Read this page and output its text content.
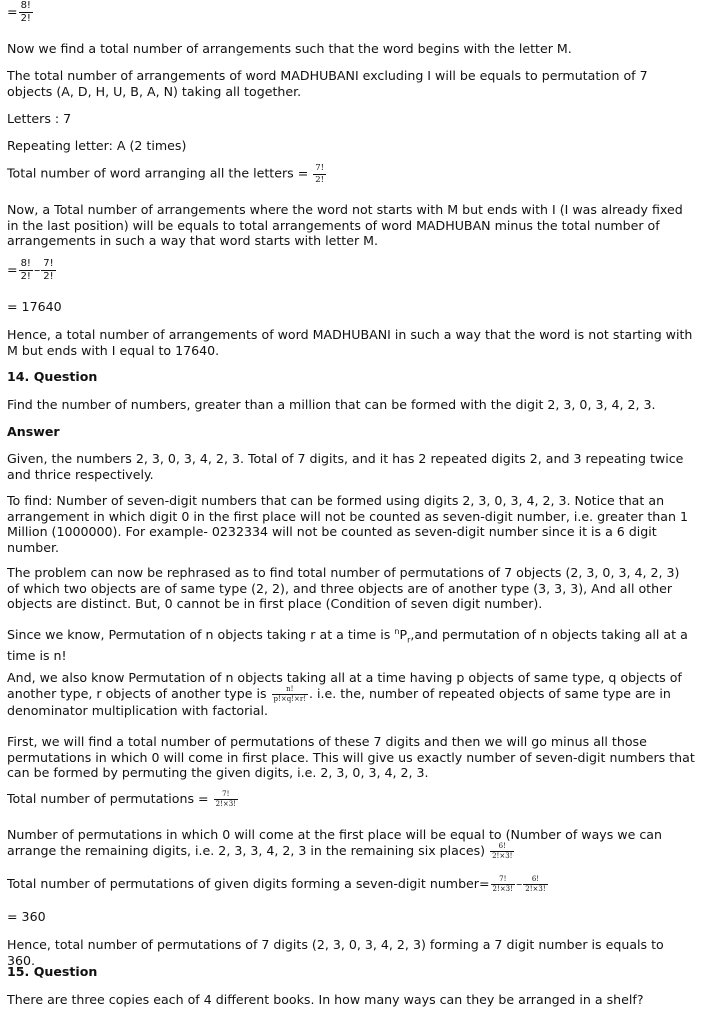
= $\frac{8!}{2!}$

Now we find a total number of arrangements such that the word begins with the letter M.

The total number of arrangements of word MADHUBANI excluding I will be equals to permutation of 7 objects (A, D, H, U, B, A, N) taking all together.

Letters : 7

Repeating letter: A (2 times)

Total number of word arranging all the letters = $\frac{7!}{2!}$

Now, a Total number of arrangements where the word not starts with M but ends with I (I was already fixed in the last position) will be equals to total arrangements of word MADHUBAN minus the total number of arrangements in such a way that word starts with letter M.

= $\frac{8!}{2!} - \frac{7!}{2!}$

= 17640

Hence, a total number of arrangements of word MADHUBANI in such a way that the word is not starting with M but ends with I equal to 17640.

14. Question

Find the number of numbers, greater than a million that can be formed with the digit 2, 3, 0, 3, 4, 2, 3.

Answer

Given, the numbers 2, 3, 0, 3, 4, 2, 3. Total of 7 digits, and it has 2 repeated digits 2, and 3 repeating twice and thrice respectively.

To find: Number of seven-digit numbers that can be formed using digits 2, 3, 0, 3, 4, 2, 3. Notice that an arrangement in which digit 0 in the first place will not be counted as seven-digit number, i.e. greater than 1 Million (1000000). For example- 0232334 will not be counted as seven-digit number since it is a 6 digit number.

The problem can now be rephrased as to find total number of permutations of 7 objects (2, 3, 0, 3, 4, 2, 3) of which two objects are of same type (2, 2), and three objects are of another type (3, 3, 3), And all other objects are distinct. But, 0 cannot be in first place (Condition of seven digit number).

Since we know, Permutation of n objects taking r at a time is $^nP_r,and$ permutation of n objects taking all at a time is n!
And, we also know Permutation of n objects taking all at a time having p objects of same type, q objects of another type, r objects of another type is $\frac{n!}{p!\times q!\times r!}$ . i.e. the, number of repeated objects of same type are in denominator multiplication with factorial.

First, we will find a total number of permutations of these 7 digits and then we will go minus all those permutations in which 0 will come in first place. This will give us exactly number of seven-digit numbers that can be formed by permuting the given digits, i.e. 2, 3, 0, 3, 4, 2, 3.

Total number of permutations = $\frac{7!}{2!\times 3!}$
Number of permutations in which 0 will come at the first place will be equal to (Number of ways we can arrange the remaining digits, i.e. 2, 3, 3, 4, 2, 3 in the remaining six places) $\frac{6!}{2!\times 3!}$
Total number of permutations of given digits forming a seven-digit number= $\frac{7!}{2!\times 3!} - \frac{6!}{2!\times 3!}$

= 360

Hence, total number of permutations of 7 digits (2, 3, 0, 3, 4, 2, 3) forming a 7 digit number is equals to 360.

15. Question

There are three copies each of 4 different books. In how many ways can they be arranged in a shelf?
